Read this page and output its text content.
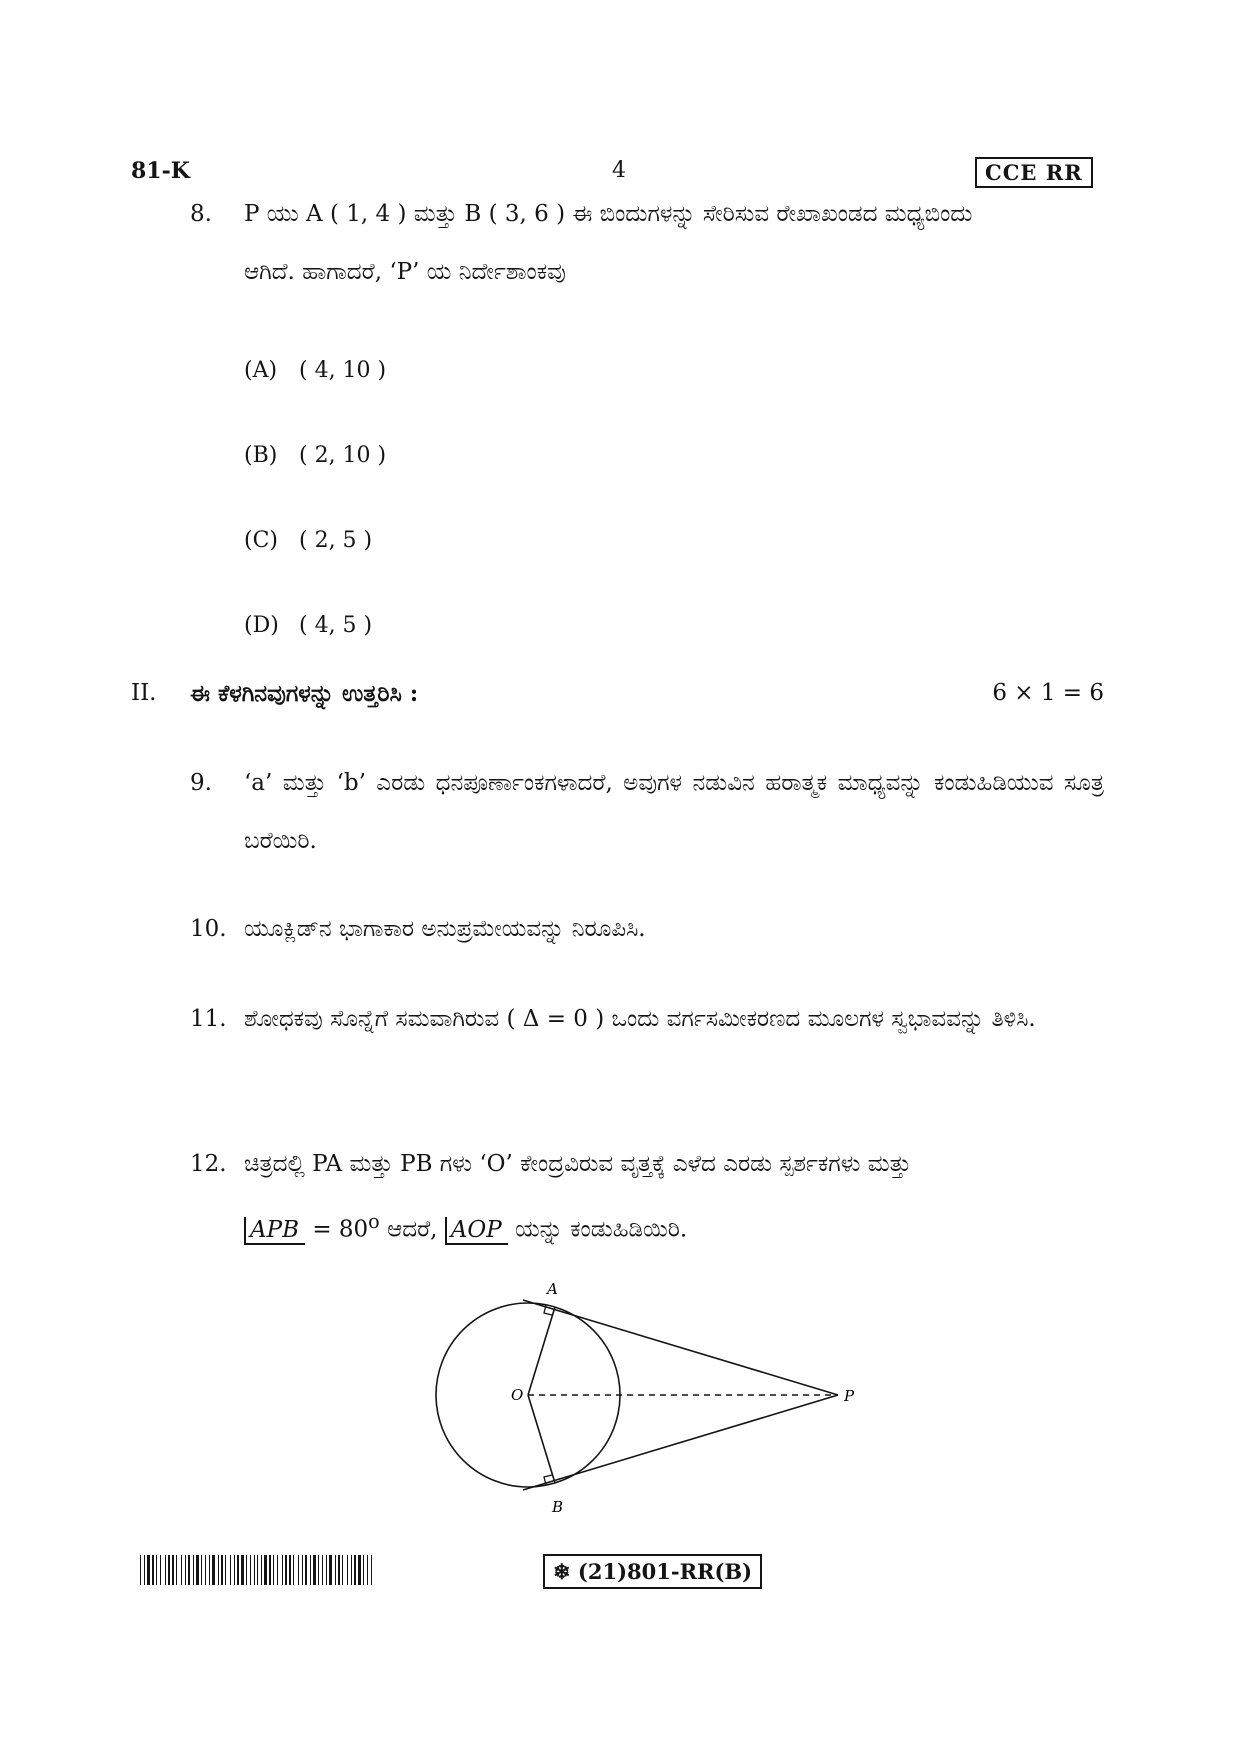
81-K	4	CCE RR
8.	P ಯು A ( 1, 4 ) ಮತ್ತು B ( 3, 6 ) ಈ ಬಿಂದುಗಳನ್ನು ಸೇರಿಸುವ ರೇಖಾಖಂಡದ ಮಧ್ಯಬಿಂದು
ಆಗಿದೆ. ಹಾಗಾದರೆ, ‘P’ ಯ ನಿರ್ದೇಶಾಂಕವು
(A) ( 4, 10 )
(B) ( 2, 10 )
(C) ( 2, 5 )
(D) ( 4, 5 )
II. ಈ ಕೆಳಗಿನವುಗಳನ್ನು ಉತ್ತರಿಸಿ :	6 × 1 = 6
9.	‘a’ ಮತ್ತು ‘b’ ಎರಡು ಧನಪೂರ್ಣಾಂಕಗಳಾದರೆ, ಅವುಗಳ ನಡುವಿನ ಹರಾತ್ಮಕ ಮಾಧ್ಯವನ್ನು ಕಂಡುಹಿಡಿಯುವ ಸೂತ್ರ ಬರೆಯಿರಿ.
10. ಯೂಕ್ಲಿಡ್‌ನ ಭಾಗಾಕಾರ ಅನುಪ್ರಮೇಯವನ್ನು ನಿರೂಪಿಸಿ.
11. ಶೋಧಕವು ಸೊನ್ನೆಗೆ ಸಮವಾಗಿರುವ ( Δ = 0 ) ಒಂದು ವರ್ಗಸಮೀಕರಣದ ಮೂಲಗಳ ಸ್ವಭಾವವನ್ನು ತಿಳಿಸಿ.
12. ಚಿತ್ರದಲ್ಲಿ PA ಮತ್ತು PB ಗಳು ‘O’ ಕೇಂದ್ರವಿರುವ ವೃತ್ತಕ್ಕೆ ಎಳೆದ ಎರಡು ಸ್ಪರ್ಶಕಗಳು ಮತ್ತು
APB = $80^o$ ಆದರೆ, AOP ಯನ್ನು ಕಂಡುಹಿಡಿಯಿರಿ.
A
B
O	P
❄ (21)801-RR(B)
